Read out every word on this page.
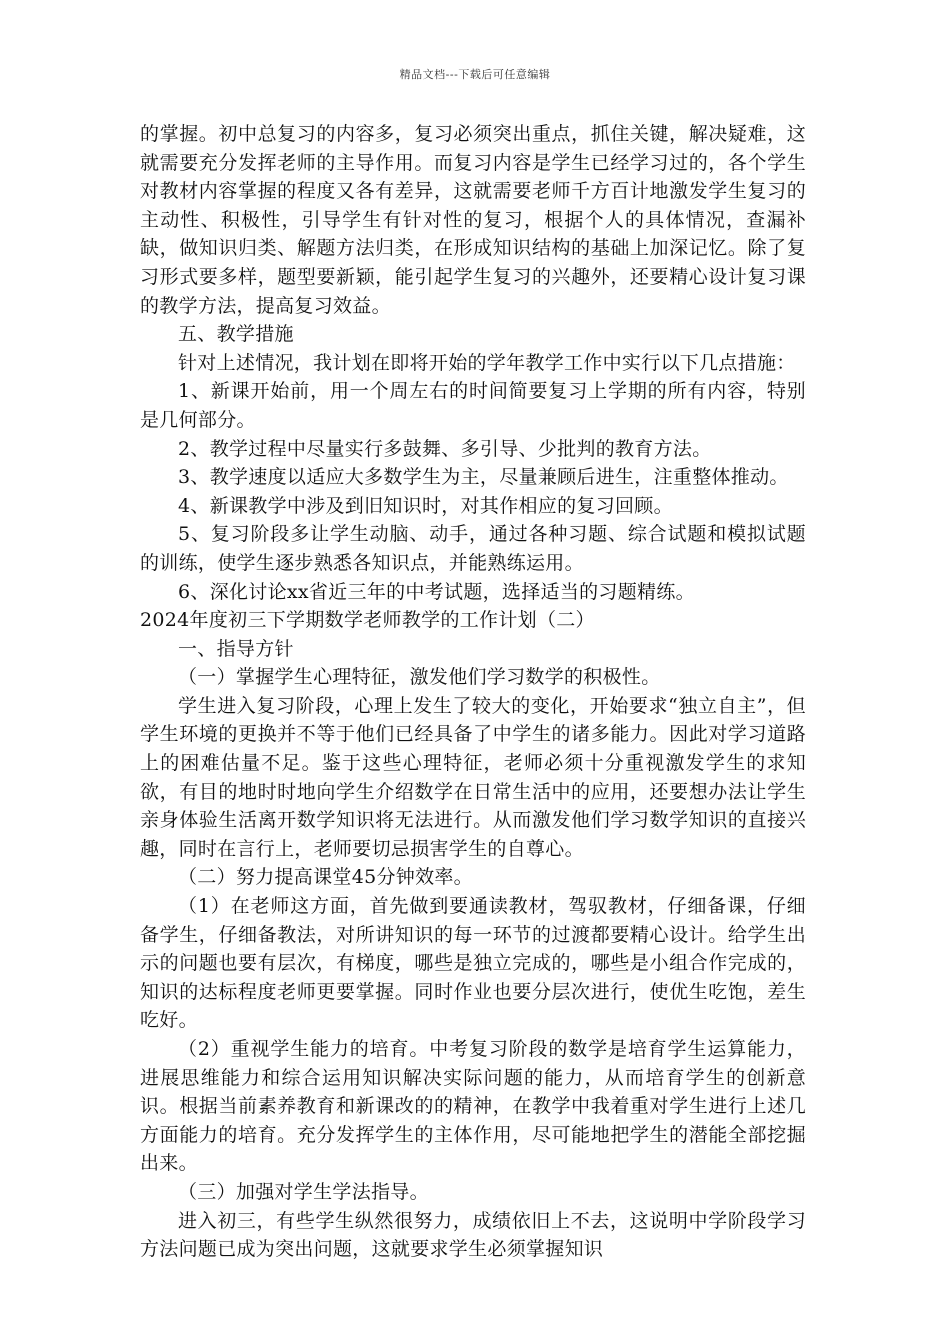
精品文档---下载后可任意编辑

的掌握。初中总复习的内容多，复习必须突出重点，抓住关键，解决疑难，这就需要充分发挥老师的主导作用。而复习内容是学生已经学习过的，各个学生对教材内容掌握的程度又各有差异，这就需要老师千方百计地激发学生复习的主动性、积极性，引导学生有针对性的复习，根据个人的具体情况，查漏补缺，做知识归类、解题方法归类，在形成知识结构的基础上加深记忆。除了复习形式要多样，题型要新颖，能引起学生复习的兴趣外，还要精心设计复习课的教学方法，提高复习效益。

五、教学措施

针对上述情况，我计划在即将开始的学年教学工作中实行以下几点措施：

1、新课开始前，用一个周左右的时间简要复习上学期的所有内容，特别是几何部分。

2、教学过程中尽量实行多鼓舞、多引导、少批判的教育方法。

3、教学速度以适应大多数学生为主，尽量兼顾后进生，注重整体推动。

4、新课教学中涉及到旧知识时，对其作相应的复习回顾。

5、复习阶段多让学生动脑、动手，通过各种习题、综合试题和模拟试题的训练，使学生逐步熟悉各知识点，并能熟练运用。

6、深化讨论xx省近三年的中考试题，选择适当的习题精练。

2024年度初三下学期数学老师教学的工作计划（二）

一、指导方针

（一）掌握学生心理特征，激发他们学习数学的积极性。

学生进入复习阶段，心理上发生了较大的变化，开始要求“独立自主”，但学生环境的更换并不等于他们已经具备了中学生的诸多能力。因此对学习道路上的困难估量不足。鉴于这些心理特征，老师必须十分重视激发学生的求知欲，有目的地时时地向学生介绍数学在日常生活中的应用，还要想办法让学生亲身体验生活离开数学知识将无法进行。从而激发他们学习数学知识的直接兴趣，同时在言行上，老师要切忌损害学生的自尊心。

（二）努力提高课堂45分钟效率。

（1）在老师这方面，首先做到要通读教材，驾驭教材，仔细备课，仔细备学生，仔细备教法，对所讲知识的每一环节的过渡都要精心设计。给学生出示的问题也要有层次，有梯度，哪些是独立完成的，哪些是小组合作完成的，知识的达标程度老师更要掌握。同时作业也要分层次进行，使优生吃饱，差生吃好。

（2）重视学生能力的培育。中考复习阶段的数学是培育学生运算能力，进展思维能力和综合运用知识解决实际问题的能力，从而培育学生的创新意识。根据当前素养教育和新课改的的精神，在教学中我着重对学生进行上述几方面能力的培育。充分发挥学生的主体作用，尽可能地把学生的潜能全部挖掘出来。

（三）加强对学生学法指导。

进入初三，有些学生纵然很努力，成绩依旧上不去，这说明中学阶段学习方法问题已成为突出问题，这就要求学生必须掌握知识
